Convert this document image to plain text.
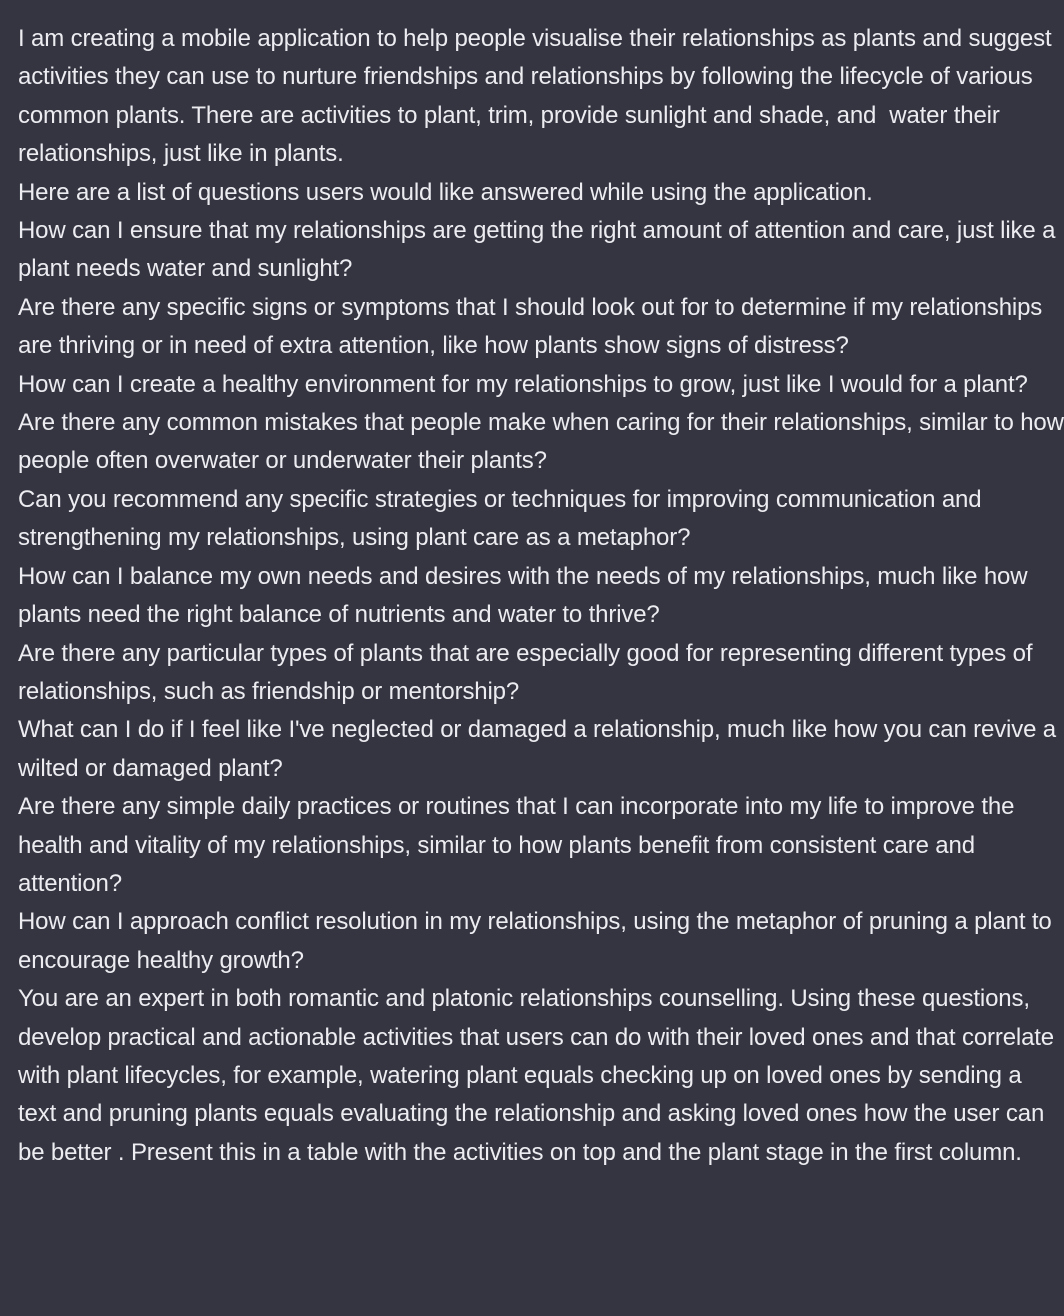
I am creating a mobile application to help people visualise their relationships as plants and suggest activities they can use to nurture friendships and relationships by following the lifecycle of various common plants. There are activities to plant, trim, provide sunlight and shade, and  water their relationships, just like in plants.

Here are a list of questions users would like answered while using the application.

How can I ensure that my relationships are getting the right amount of attention and care, just like a plant needs water and sunlight?

Are there any specific signs or symptoms that I should look out for to determine if my relationships are thriving or in need of extra attention, like how plants show signs of distress?

How can I create a healthy environment for my relationships to grow, just like I would for a plant?

Are there any common mistakes that people make when caring for their relationships, similar to how people often overwater or underwater their plants?

Can you recommend any specific strategies or techniques for improving communication and strengthening my relationships, using plant care as a metaphor?

How can I balance my own needs and desires with the needs of my relationships, much like how plants need the right balance of nutrients and water to thrive?

Are there any particular types of plants that are especially good for representing different types of relationships, such as friendship or mentorship?

What can I do if I feel like I've neglected or damaged a relationship, much like how you can revive a wilted or damaged plant?

Are there any simple daily practices or routines that I can incorporate into my life to improve the health and vitality of my relationships, similar to how plants benefit from consistent care and attention?

How can I approach conflict resolution in my relationships, using the metaphor of pruning a plant to encourage healthy growth?

You are an expert in both romantic and platonic relationships counselling. Using these questions, develop practical and actionable activities that users can do with their loved ones and that correlate with plant lifecycles, for example, watering plant equals checking up on loved ones by sending a text and pruning plants equals evaluating the relationship and asking loved ones how the user can be better . Present this in a table with the activities on top and the plant stage in the first column.
